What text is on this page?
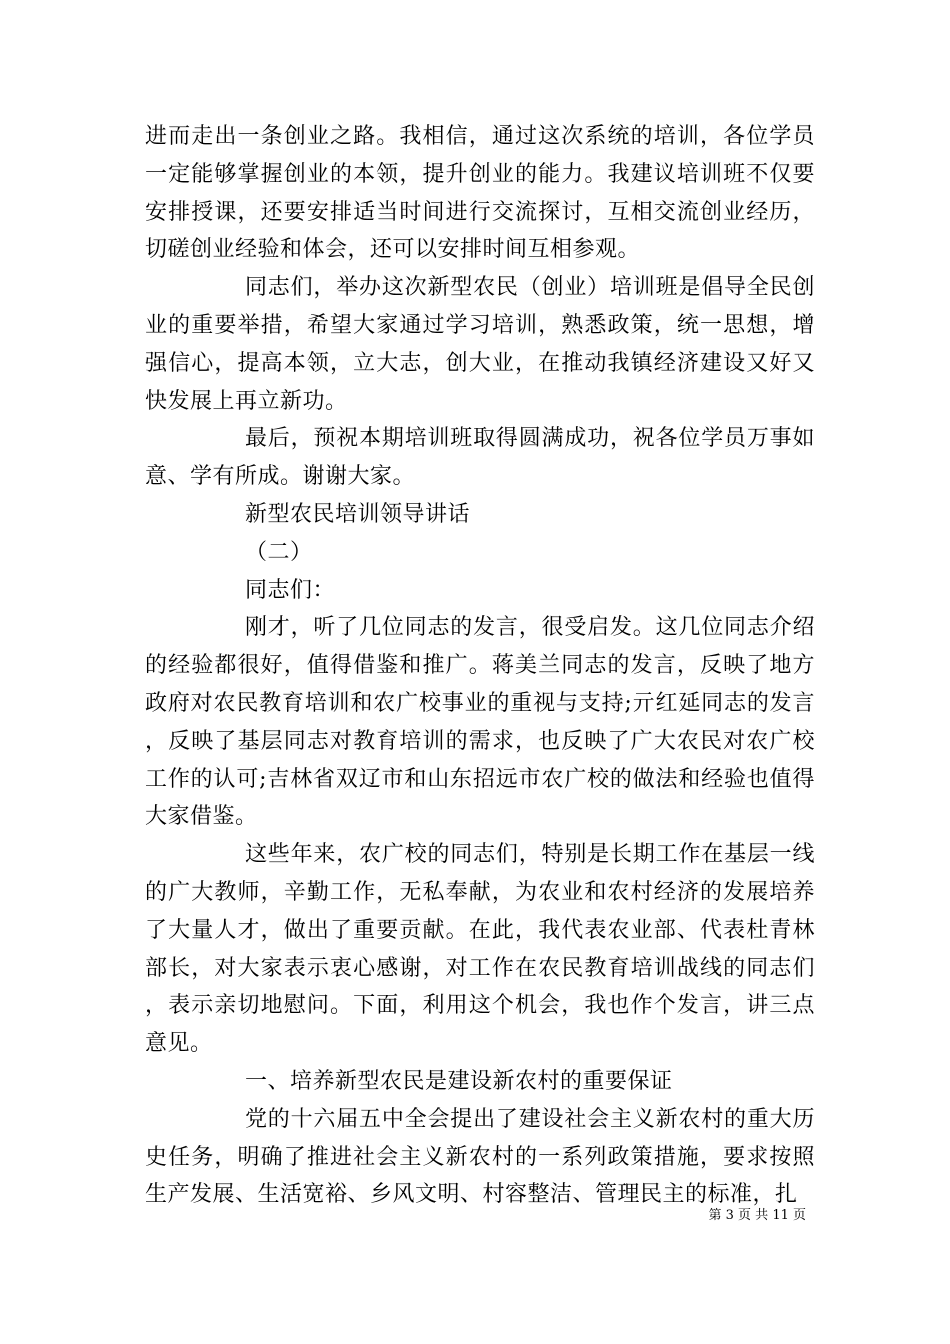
进而走出一条创业之路。我相信，通过这次系统的培训，各位学员一定能够掌握创业的本领，提升创业的能力。我建议培训班不仅要安排授课，还要安排适当时间进行交流探讨，互相交流创业经历，切磋创业经验和体会，还可以安排时间互相参观。

同志们，举办这次新型农民（创业）培训班是倡导全民创业的重要举措，希望大家通过学习培训，熟悉政策，统一思想，增强信心，提高本领，立大志，创大业，在推动我镇经济建设又好又快发展上再立新功。

最后，预祝本期培训班取得圆满成功，祝各位学员万事如意、学有所成。谢谢大家。

新型农民培训领导讲话

（二）

同志们：

刚才，听了几位同志的发言，很受启发。这几位同志介绍的经验都很好，值得借鉴和推广。蒋美兰同志的发言，反映了地方政府对农民教育培训和农广校事业的重视与支持;亓红延同志的发言，反映了基层同志对教育培训的需求，也反映了广大农民对农广校工作的认可;吉林省双辽市和山东招远市农广校的做法和经验也值得大家借鉴。

这些年来，农广校的同志们，特别是长期工作在基层一线的广大教师，辛勤工作，无私奉献，为农业和农村经济的发展培养了大量人才，做出了重要贡献。在此，我代表农业部、代表杜青林部长，对大家表示衷心感谢，对工作在农民教育培训战线的同志们，表示亲切地慰问。下面，利用这个机会，我也作个发言，讲三点意见。

一、培养新型农民是建设新农村的重要保证

党的十六届五中全会提出了建设社会主义新农村的重大历史任务，明确了推进社会主义新农村的一系列政策措施，要求按照生产发展、生活宽裕、乡风文明、村容整洁、管理民主的标准，扎

第 3 页 共 11 页
